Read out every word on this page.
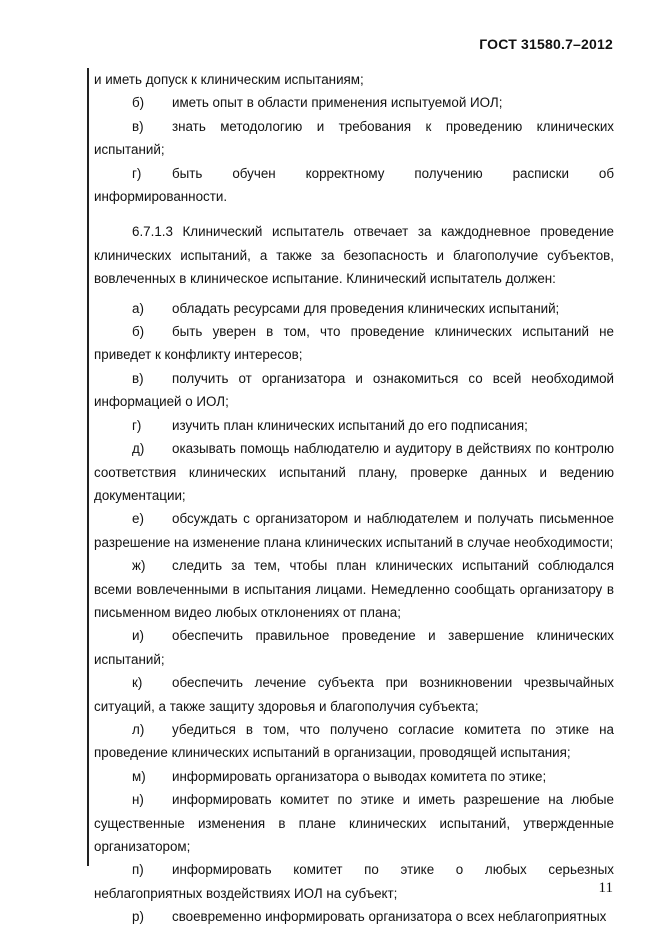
ГОСТ 31580.7–2012

и иметь допуск к клиническим испытаниям;

б) иметь опыт в области применения испытуемой ИОЛ;

в) знать методологию и требования к проведению клинических испытаний;

г) быть обучен корректному получению расписки об информированности.

6.7.1.3 Клинический испытатель отвечает за каждодневное проведение клинических испытаний, а также за безопасность и благополучие субъектов, вовлеченных в клиническое испытание. Клинический испытатель должен:

а) обладать ресурсами для проведения клинических испытаний;

б) быть уверен в том, что проведение клинических испытаний не приведет к конфликту интересов;

в) получить от организатора и ознакомиться со всей необходимой информацией о ИОЛ;

г) изучить план клинических испытаний до его подписания;

д) оказывать помощь наблюдателю и аудитору в действиях по контролю соответствия клинических испытаний плану, проверке данных и ведению документации;

е) обсуждать с организатором и наблюдателем и получать письменное разрешение на изменение плана клинических испытаний в случае необходимости;

ж) следить за тем, чтобы план клинических испытаний соблюдался всеми вовлеченными в испытания лицами. Немедленно сообщать организатору в письменном видео любых отклонениях от плана;

и) обеспечить правильное проведение и завершение клинических испытаний;

к) обеспечить лечение субъекта при возникновении чрезвычайных ситуаций, а также защиту здоровья и благополучия субъекта;

л) убедиться в том, что получено согласие комитета по этике на проведение клинических испытаний в организации, проводящей испытания;

м) информировать организатора о выводах комитета по этике;

н) информировать комитет по этике и иметь разрешение на любые существенные изменения в плане клинических испытаний, утвержденные организатором;

п) информировать комитет по этике о любых серьезных неблагоприятных воздействиях ИОЛ на субъект;

р) своевременно информировать организатора о всех неблагоприятных

11
